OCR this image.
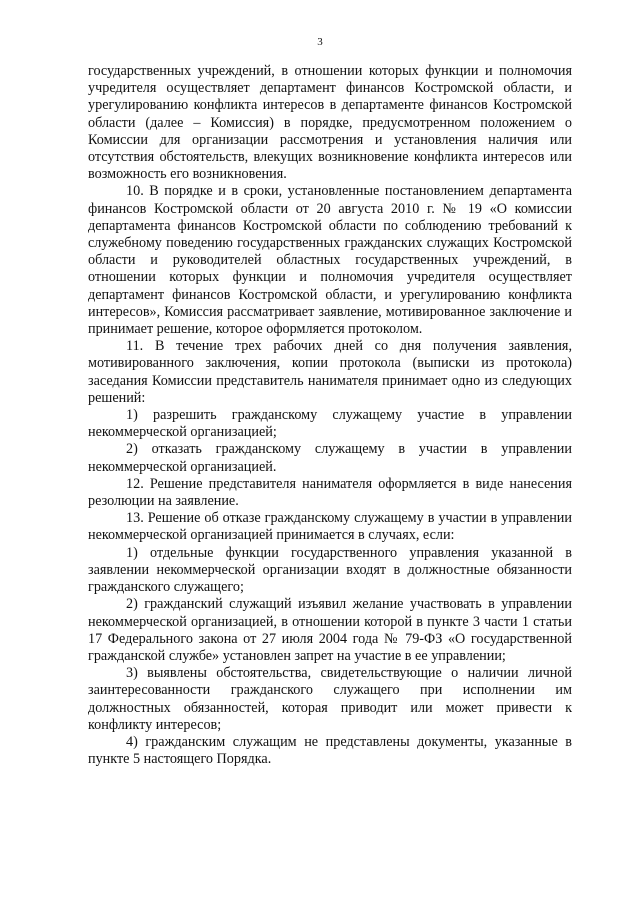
3

государственных учреждений, в отношении которых функции и полномочия учредителя осуществляет департамент финансов Костромской области, и урегулированию конфликта интересов в департаменте финансов Костромской области (далее – Комиссия) в порядке, предусмотренном положением о Комиссии для организации рассмотрения и установления наличия или отсутствия обстоятельств, влекущих возникновение конфликта интересов или возможность его возникновения.

10. В порядке и в сроки, установленные постановлением департамента финансов Костромской области от 20 августа 2010 г. № 19 «О комиссии департамента финансов Костромской области по соблюдению требований к служебному поведению государственных гражданских служащих Костромской области и руководителей областных государственных учреждений, в отношении которых функции и полномочия учредителя осуществляет департамент финансов Костромской области, и урегулированию конфликта интересов», Комиссия рассматривает заявление, мотивированное заключение и принимает решение, которое оформляется протоколом.

11. В течение трех рабочих дней со дня получения заявления, мотивированного заключения, копии протокола (выписки из протокола) заседания Комиссии представитель нанимателя принимает одно из следующих решений:

1) разрешить гражданскому служащему участие в управлении некоммерческой организацией;

2) отказать гражданскому служащему в участии в управлении некоммерческой организацией.

12. Решение представителя нанимателя оформляется в виде нанесения резолюции на заявление.

13. Решение об отказе гражданскому служащему в участии в управлении некоммерческой организацией принимается в случаях, если:

1) отдельные функции государственного управления указанной в заявлении некоммерческой организации входят в должностные обязанности гражданского служащего;

2) гражданский служащий изъявил желание участвовать в управлении некоммерческой организацией, в отношении которой в пункте 3 части 1 статьи 17 Федерального закона от 27 июля 2004 года № 79-ФЗ «О государственной гражданской службе» установлен запрет на участие в ее управлении;

3) выявлены обстоятельства, свидетельствующие о наличии личной заинтересованности гражданского служащего при исполнении им должностных обязанностей, которая приводит или может привести к конфликту интересов;

4) гражданским служащим не представлены документы, указанные в пункте 5 настоящего Порядка.
